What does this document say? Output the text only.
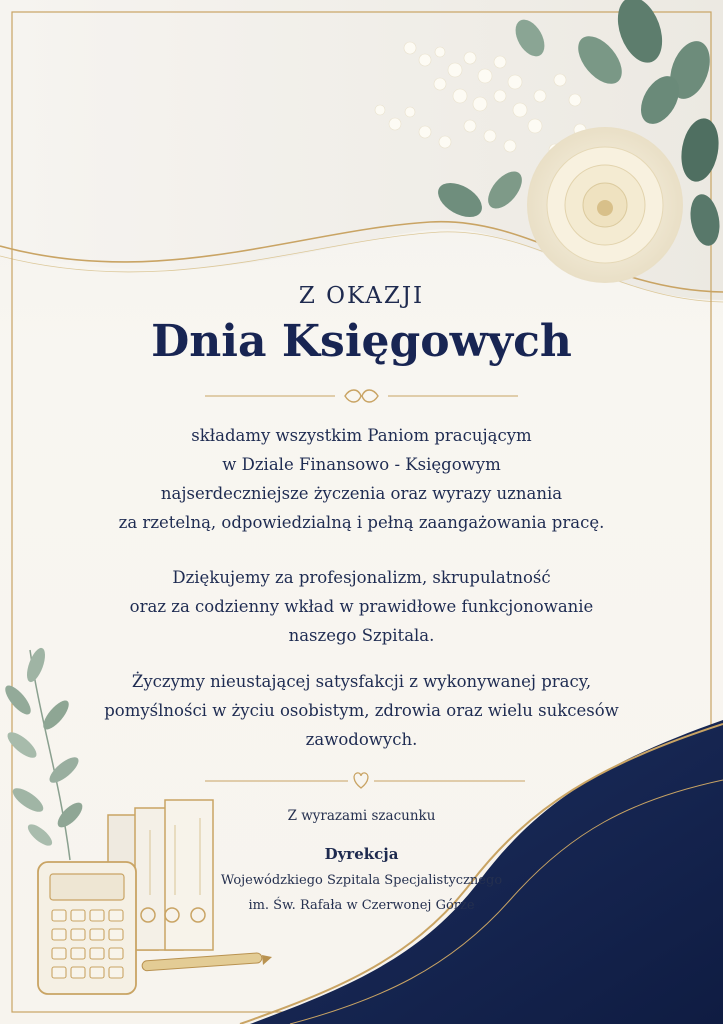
Z OKAZJI
Dnia Księgowych
składamy wszystkim Paniom pracującym
w Dziale Finansowo - Księgowym
najserdeczniejsze życzenia oraz wyrazy uznania
za rzetelną, odpowiedzialną i pełną zaangażowania pracę.
Dziękujemy za profesjonalizm, skrupulatność
oraz za codzienny wkład w prawidłowe funkcjonowanie
naszego Szpitala.
Życzymy nieustającej satysfakcji z wykonywanej pracy,
pomyślności w życiu osobistym, zdrowia oraz wielu sukcesów
zawodowych.
Z wyrazami szacunku
Dyrekcja
Wojewódzkiego Szpitala Specjalistycznego
im. Św. Rafała w Czerwonej Górze
